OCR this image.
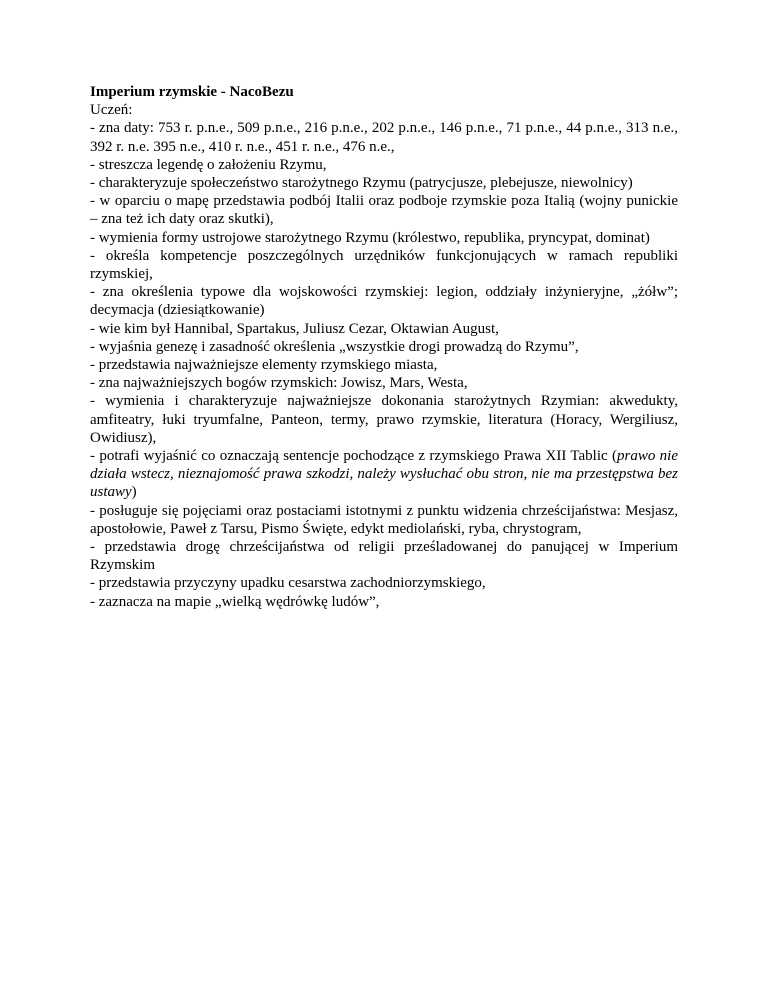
Imperium rzymskie - NacoBezu

Uczeń:

- zna daty: 753 r. p.n.e., 509 p.n.e., 216 p.n.e., 202 p.n.e., 146 p.n.e., 71 p.n.e., 44 p.n.e., 313 n.e., 392 r. n.e. 395 n.e., 410 r. n.e., 451 r. n.e., 476 n.e.,

- streszcza legendę o założeniu Rzymu,

- charakteryzuje społeczeństwo starożytnego Rzymu (patrycjusze, plebejusze, niewolnicy)

- w oparciu o mapę przedstawia podbój Italii oraz podboje rzymskie poza Italią (wojny punickie – zna też ich daty oraz skutki),

- wymienia formy ustrojowe starożytnego Rzymu (królestwo, republika, pryncypat, dominat)

- określa kompetencje poszczególnych urzędników funkcjonujących w ramach republiki rzymskiej,

- zna określenia typowe dla wojskowości rzymskiej: legion, oddziały inżynieryjne, „żółw”; decymacja (dziesiątkowanie)

- wie kim był Hannibal, Spartakus, Juliusz Cezar, Oktawian August,

- wyjaśnia genezę i zasadność określenia „wszystkie drogi prowadzą do Rzymu”,

- przedstawia najważniejsze elementy rzymskiego miasta,

- zna najważniejszych bogów rzymskich: Jowisz, Mars, Westa,

- wymienia i charakteryzuje najważniejsze dokonania starożytnych Rzymian: akwedukty, amfiteatry, łuki tryumfalne, Panteon, termy, prawo rzymskie, literatura (Horacy, Wergiliusz, Owidiusz),

- potrafi wyjaśnić co oznaczają sentencje pochodzące z rzymskiego Prawa XII Tablic (prawo nie działa wstecz, nieznajomość prawa szkodzi, należy wysłuchać obu stron, nie ma przestępstwa bez ustawy)

- posługuje się pojęciami oraz postaciami istotnymi z punktu widzenia chrześcijaństwa: Mesjasz, apostołowie, Paweł z Tarsu, Pismo Święte, edykt mediolański, ryba, chrystogram,

- przedstawia drogę chrześcijaństwa od religii prześladowanej do panującej w Imperium Rzymskim

- przedstawia przyczyny upadku cesarstwa zachodniorzymskiego,

- zaznacza na mapie „wielką wędrówkę ludów”,
